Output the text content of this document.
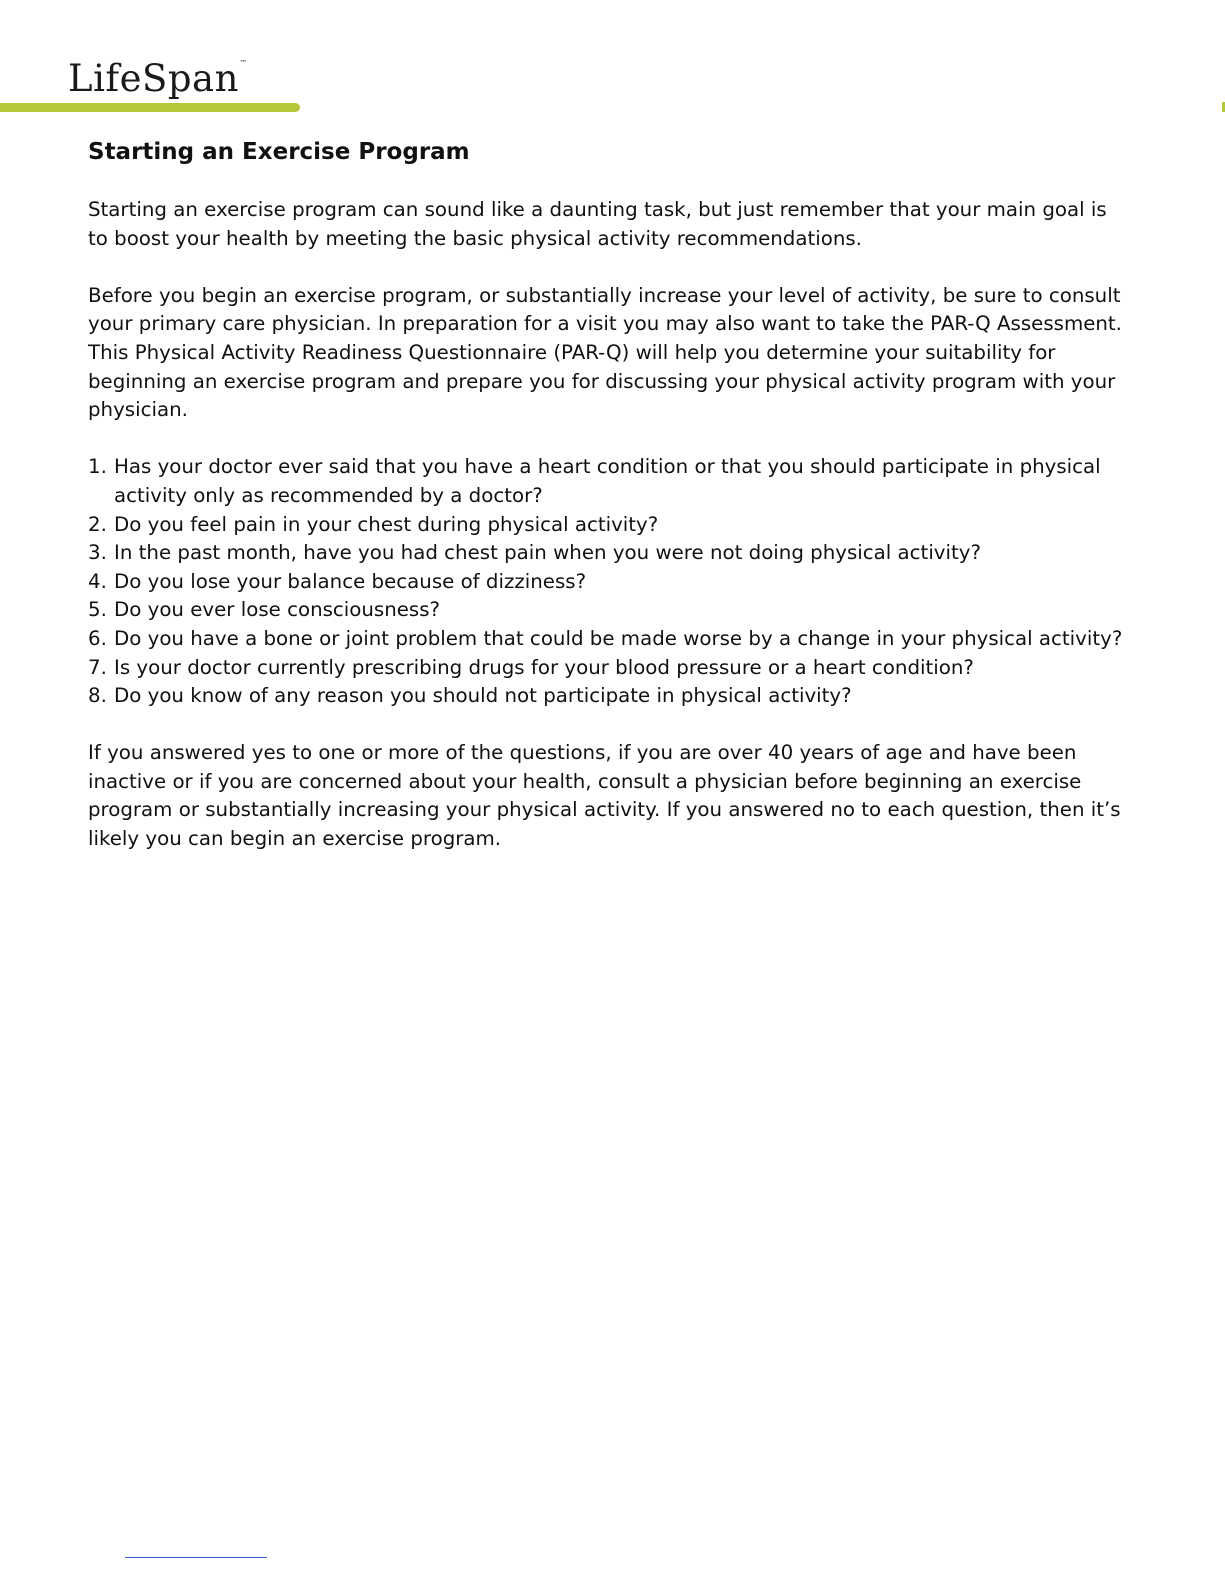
LifeSpan™
Starting an Exercise Program

Starting an exercise program can sound like a daunting task, but just remember that your main goal is to boost your health by meeting the basic physical activity recommendations.

Before you begin an exercise program, or substantially increase your level of activity, be sure to consult your primary care physician. In preparation for a visit you may also want to take the PAR-Q Assessment. This Physical Activity Readiness Questionnaire (PAR-Q) will help you determine your suitability for beginning an exercise program and prepare you for discussing your physical activity program with your physician.

1. Has your doctor ever said that you have a heart condition or that you should participate in physical activity only as recommended by a doctor?
2. Do you feel pain in your chest during physical activity?
3. In the past month, have you had chest pain when you were not doing physical activity?
4. Do you lose your balance because of dizziness?
5. Do you ever lose consciousness?
6. Do you have a bone or joint problem that could be made worse by a change in your physical activity?
7. Is your doctor currently prescribing drugs for your blood pressure or a heart condition?
8. Do you know of any reason you should not participate in physical activity?

If you answered yes to one or more of the questions, if you are over 40 years of age and have been inactive or if you are concerned about your health, consult a physician before beginning an exercise program or substantially increasing your physical activity. If you answered no to each question, then it’s likely you can begin an exercise program.
